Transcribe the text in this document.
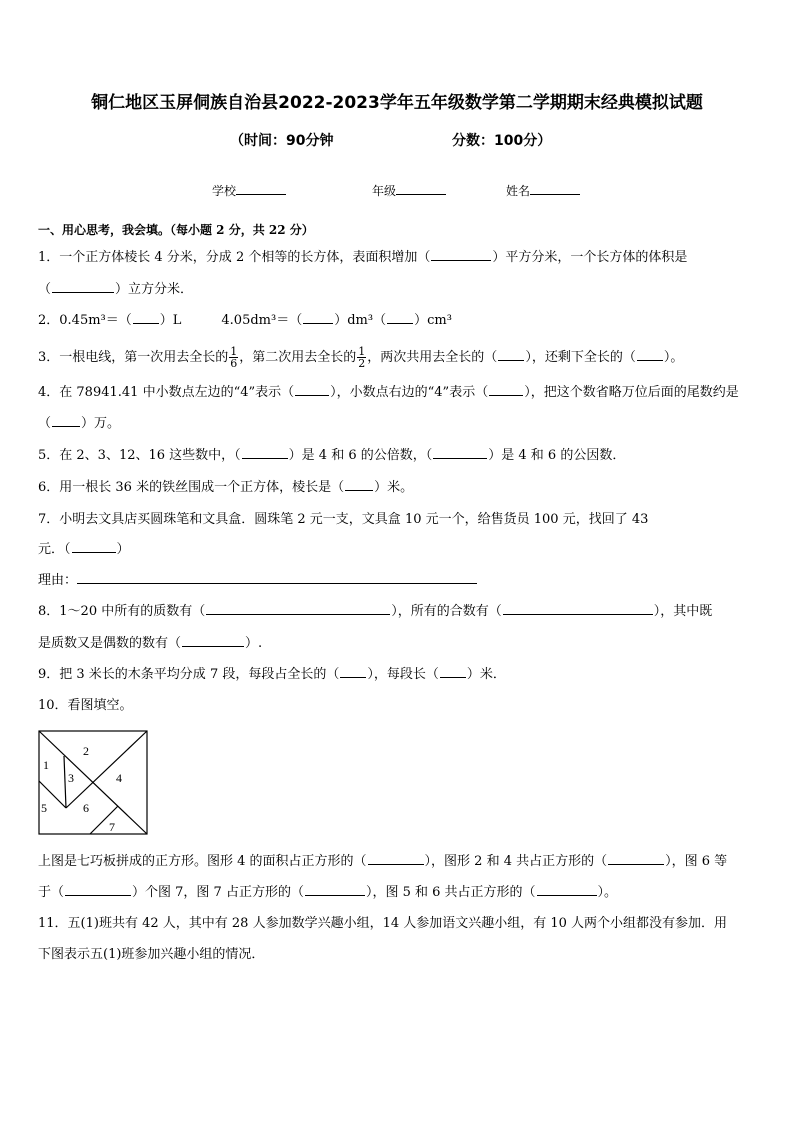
铜仁地区玉屏侗族自治县2022-2023学年五年级数学第二学期期末经典模拟试题
（时间：90分钟	分数：100分）
学校	年级	姓名
一、用心思考，我会填。（每小题 2 分，共 22 分）
1．一个正方体棱长 4 分米，分成 2 个相等的长方体，表面积增加（	）平方分米，一个长方体的体积是
（	）立方分米．
2．0.45m³＝（ ）L	4.05dm³＝（ ）dm³（ ）cm³
3．一根电线，第一次用去全长的 $\frac{1}{6}$ ，第二次用去全长的 $\frac{1}{2}$ ，两次共用去全长的（ ），还剩下全长的（ ）。
4．在 78941.41 中小数点左边的“4”表示（	），小数点右边的“4”表示（	），把这个数省略万位后面的尾数约是
（ ）万。
5．在 2、3、12、16 这些数中，（	）是 4 和 6 的公倍数，（	）是 4 和 6 的公因数．
6．用一根长 36 米的铁丝围成一个正方体，棱长是（ ）米。
7．小明去文具店买圆珠笔和文具盒．圆珠笔 2 元一支，文具盒 10 元一个，给售货员 100 元，找回了 43
元．（	）
理由：
8．1～20 中所有的质数有（	），所有的合数有（	），其中既
是质数又是偶数的数有（	）.
9．把 3 米长的木条平均分成 7 段，每段占全长的（ ），每段长（ ）米．
10．看图填空。
2
1
3	4
5	6
7
上图是七巧板拼成的正方形。图形 4 的面积占正方形的（	），图形 2 和 4 共占正方形的（	），图 6 等
于（	）个图 7，图 7 占正方形的（	），图 5 和 6 共占正方形的（	）。
11．五(1)班共有 42 人，其中有 28 人参加数学兴趣小组，14 人参加语文兴趣小组，有 10 人两个小组都没有参加．用
下图表示五(1)班参加兴趣小组的情况．
